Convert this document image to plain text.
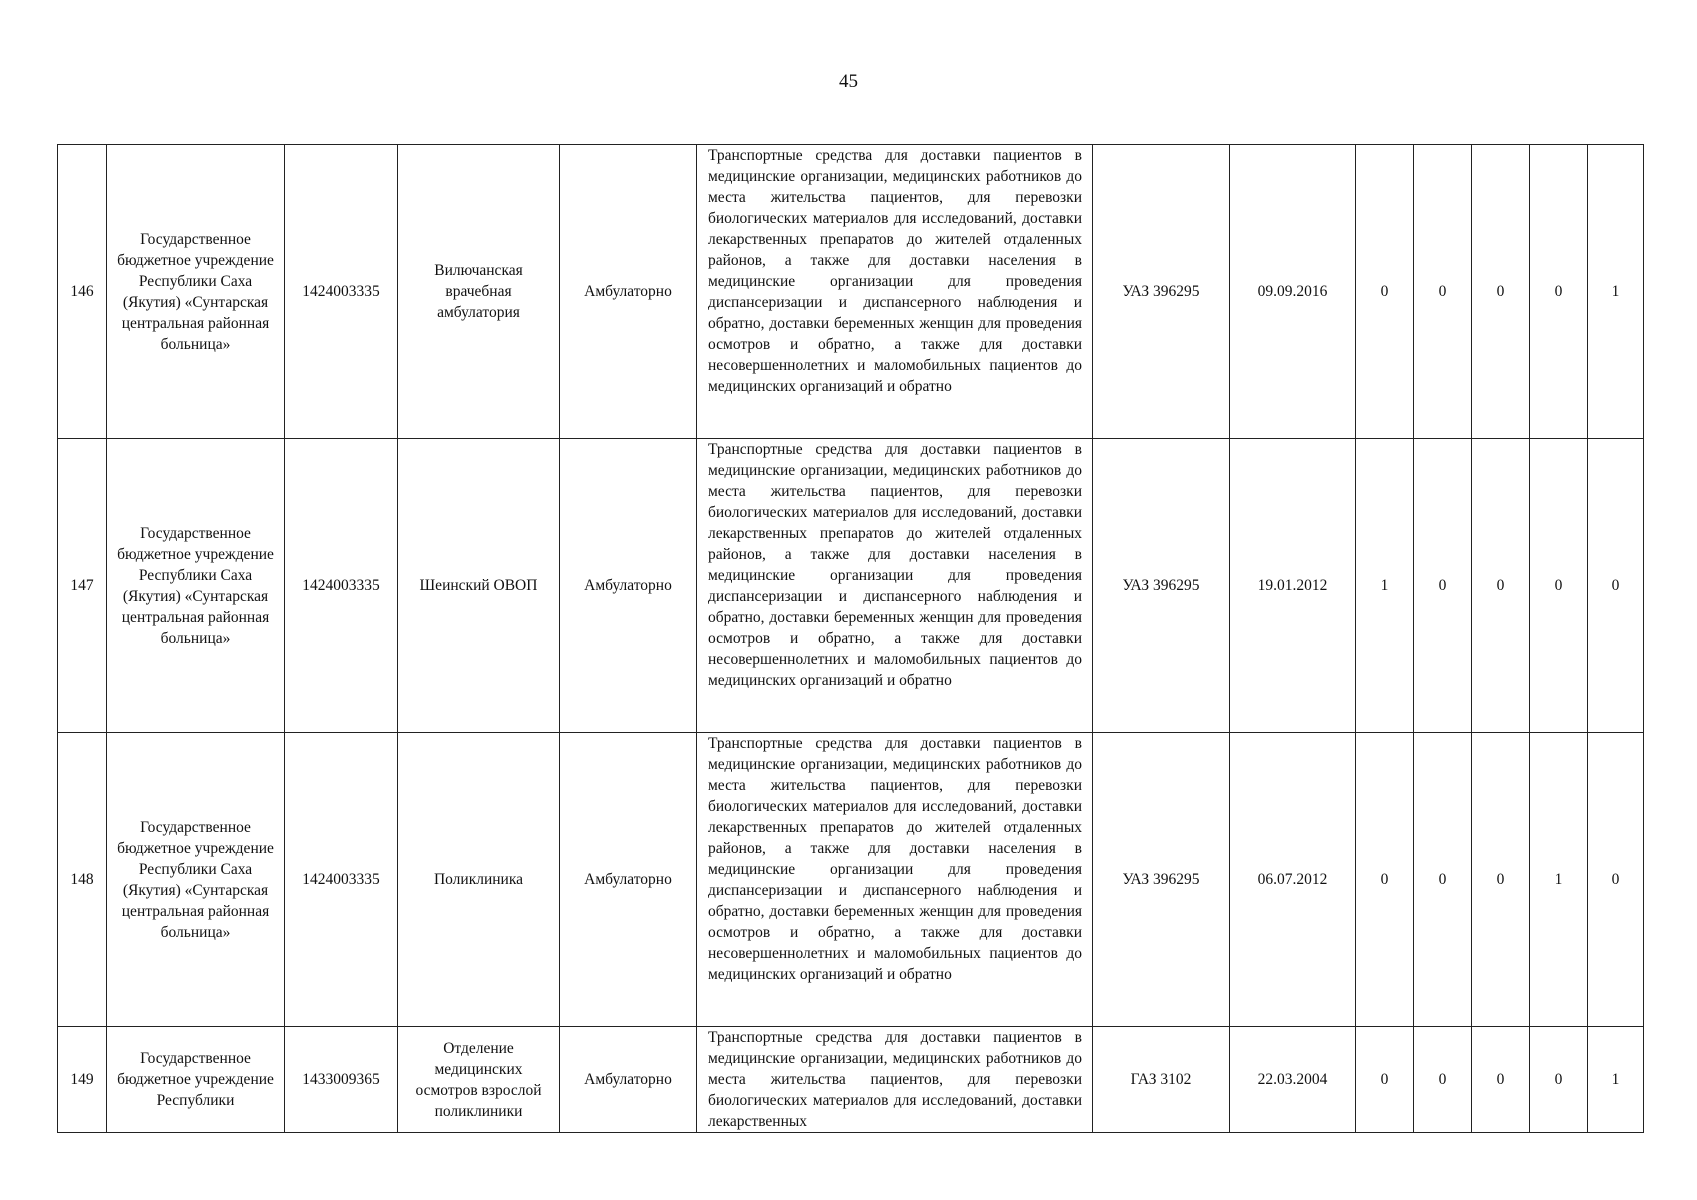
45
146	Государственное бюджетное учреждение Республики Саха (Якутия) «Сунтарская центральная районная больница»	1424003335	Вилючанская врачебная амбулатория	Амбулаторно	Транспортные средства для доставки пациентов в медицинские организации, медицинских работников до места жительства пациентов, для перевозки биологических материалов для исследований, доставки лекарственных препаратов до жителей отдаленных районов, а также для доставки населения в медицинские организации для проведения диспансеризации и диспансерного наблюдения и обратно, доставки беременных женщин для проведения осмотров и обратно, а также для доставки несовершеннолетних и маломобильных пациентов до медицинских организаций и обратно	УАЗ 396295	09.09.2016	0	0	0	0	1
147	Государственное бюджетное учреждение Республики Саха (Якутия) «Сунтарская центральная районная больница»	1424003335	Шеинский ОВОП	Амбулаторно	Транспортные средства для доставки пациентов в медицинские организации, медицинских работников до места жительства пациентов, для перевозки биологических материалов для исследований, доставки лекарственных препаратов до жителей отдаленных районов, а также для доставки населения в медицинские организации для проведения диспансеризации и диспансерного наблюдения и обратно, доставки беременных женщин для проведения осмотров и обратно, а также для доставки несовершеннолетних и маломобильных пациентов до медицинских организаций и обратно	УАЗ 396295	19.01.2012	1	0	0	0	0
148	Государственное бюджетное учреждение Республики Саха (Якутия) «Сунтарская центральная районная больница»	1424003335	Поликлиника	Амбулаторно	Транспортные средства для доставки пациентов в медицинские организации, медицинских работников до места жительства пациентов, для перевозки биологических материалов для исследований, доставки лекарственных препаратов до жителей отдаленных районов, а также для доставки населения в медицинские организации для проведения диспансеризации и диспансерного наблюдения и обратно, доставки беременных женщин для проведения осмотров и обратно, а также для доставки несовершеннолетних и маломобильных пациентов до медицинских организаций и обратно	УАЗ 396295	06.07.2012	0	0	0	1	0
149	Государственное бюджетное учреждение Республики	1433009365	Отделение медицинских осмотров взрослой поликлиники	Амбулаторно	Транспортные средства для доставки пациентов в медицинские организации, медицинских работников до места жительства пациентов, для перевозки биологических материалов для исследований, доставки лекарственных	ГАЗ 3102	22.03.2004	0	0	0	0	1
